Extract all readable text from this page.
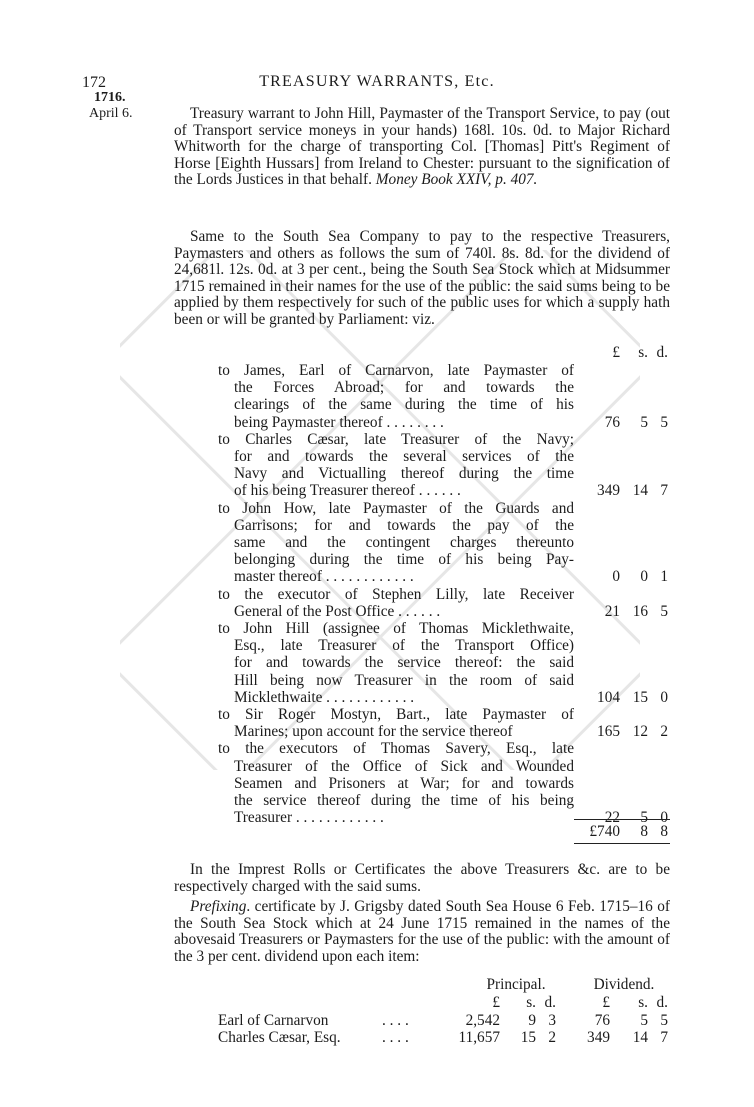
172	TREASURY WARRANTS, Etc.
1716.
April 6.	Treasury warrant to John Hill, Paymaster of the Transport Service, to pay (out of Transport service moneys in your hands) 168l. 10s. 0d. to Major Richard Whitworth for the charge of transporting Col. [Thomas] Pitt's Regiment of Horse [Eighth Hussars] from Ireland to Chester: pursuant to the signification of the Lords Justices in that behalf. Money Book XXIV, p. 407.

Same to the South Sea Company to pay to the respective Treasurers, Paymasters and others as follows the sum of 740l. 8s. 8d. for the dividend of 24,681l. 12s. 0d. at 3 per cent., being the South Sea Stock which at Midsummer 1715 remained in their names for the use of the public: the said sums being to be applied by them respectively for such of the public uses for which a supply hath been or will be granted by Parliament: viz.

£	s. d.
to James, Earl of Carnarvon, late Paymaster of
the Forces Abroad; for and towards the
clearings of the same during the time of his
being Paymaster thereof . . . . . . . .	76	5 5
to Charles Cæsar, late Treasurer of the Navy;
for and towards the several services of the
Navy and Victualling thereof during the time
of his being Treasurer thereof . . . . . .	349 14 7
to John How, late Paymaster of the Guards and
Garrisons; for and towards the pay of the
same and the contingent charges thereunto
belonging during the time of his being Pay-
master thereof . . . . . . . . . . . .	0	0 1
to the executor of Stephen Lilly, late Receiver
General of the Post Office . . . . . .	21 16 5
to John Hill (assignee of Thomas Micklethwaite,
Esq., late Treasurer of the Transport Office)
for and towards the service thereof: the said
Hill being now Treasurer in the room of said
Micklethwaite . . . . . . . . . . . .	104 15 0
to Sir Roger Mostyn, Bart., late Paymaster of
Marines; upon account for the service thereof	165 12 2
to the executors of Thomas Savery, Esq., late
Treasurer of the Office of Sick and Wounded
Seamen and Prisoners at War; for and towards
the service thereof during the time of his being
Treasurer . . . . . . . . . . . .	22	5 0
£740	8 8

In the Imprest Rolls or Certificates the above Treasurers &c. are to be respectively charged with the said sums.

Prefixing. certificate by J. Grigsby dated South Sea House 6 Feb. 1715–16 of the South Sea Stock which at 24 June 1715 remained in the names of the abovesaid Treasurers or Paymasters for the use of the public: with the amount of the 3 per cent. dividend upon each item:

Principal.	Dividend.
£	s. d.	£	s. d.
Earl of Carnarvon	. . . .	2,542	9 3	76	5 5
Charles Cæsar, Esq.	. . . .	11,657	15 2	349	14 7
